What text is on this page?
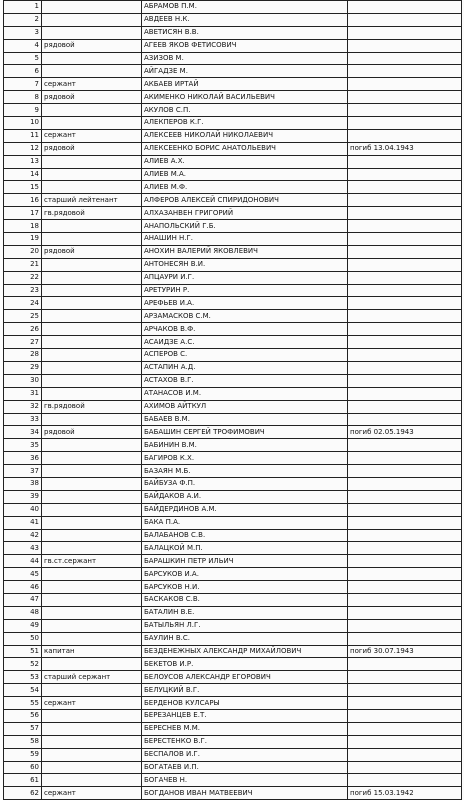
1		АБРАМОВ П.М.	
2		АВДЕЕВ Н.К.	
3		АВЕТИСЯН В.В.	
4	рядовой	АГЕЕВ ЯКОВ ФЕТИСОВИЧ	
5		АЗИЗОВ М.	
6		АЙГАДЗЕ М.	
7	сержант	АКБАЕВ ИРТАЙ	
8	рядовой	АКИМЕНКО НИКОЛАЙ ВАСИЛЬЕВИЧ	
9		АКУЛОВ С.П.	
10		АЛЕКПЕРОВ К.Г.	
11	сержант	АЛЕКСЕЕВ НИКОЛАЙ НИКОЛАЕВИЧ	
12	рядовой	АЛЕКСЕЕНКО БОРИС АНАТОЛЬЕВИЧ	погиб 13.04.1943
13		АЛИЕВ А.Х.	
14		АЛИЕВ М.А.	
15		АЛИЕВ М.Ф.	
16	старший лейтенант	АЛФЕРОВ АЛЕКСЕЙ СПИРИДОНОВИЧ	
17	гв.рядовой	АЛХАЗАНВЕН ГРИГОРИЙ	
18		АНАПОЛЬСКИЙ Г.Б.	
19		АНАШИН Н.Г.	
20	рядовой	АНОХИН ВАЛЕРИЙ ЯКОВЛЕВИЧ	
21		АНТОНЕСЯН В.И.	
22		АПЦАУРИ И.Г.	
23		АРЕТУРИН Р.	
24		АРЕФЬЕВ И.А.	
25		АРЗАМАСКОВ С.М.	
26		АРЧАКОВ В.Ф.	
27		АСАИДЗЕ А.С.	
28		АСПЕРОВ С.	
29		АСТАПИН А.Д.	
30		АСТАХОВ В.Г.	
31		АТАНАСОВ И.М.	
32	гв.рядовой	АХИМОВ АЙТКУЛ	
33		БАБАЕВ В.М.	
34	рядовой	БАБАШИН СЕРГЕЙ ТРОФИМОВИЧ	погиб 02.05.1943
35		БАБИНИН В.М.	
36		БАГИРОВ К.Х.	
37		БАЗАЯН М.Б.	
38		БАЙБУЗА Ф.П.	
39		БАЙДАКОВ А.И.	
40		БАЙДЕРДИНОВ А.М.	
41		БАКА П.А.	
42		БАЛАБАНОВ С.В.	
43		БАЛАЦКОЙ М.П.	
44	гв.ст.сержант	БАРАШКИН ПЕТР ИЛЬИЧ	
45		БАРСУКОВ И.А.	
46		БАРСУКОВ Н.И.	
47		БАСКАКОВ С.В.	
48		БАТАЛИН В.Е.	
49		БАТЫЛЬЯН Л.Г.	
50		БАУЛИН В.С.	
51	капитан	БЕЗДЕНЕЖНЫХ АЛЕКСАНДР МИХАЙЛОВИЧ	погиб 30.07.1943
52		БЕКЕТОВ И.Р.	
53	старший сержант	БЕЛОУСОВ АЛЕКСАНДР ЕГОРОВИЧ	
54		БЕЛУЦКИЙ В.Г.	
55	сержант	БЕРДЕНОВ КУЛСАРЫ	
56		БЕРЕЗАНЦЕВ Е.Т.	
57		БЕРЕСНЕВ М.М.	
58		БЕРЕСТЕНКО В.Г.	
59		БЕСПАЛОВ И.Г.	
60		БОГАТАЕВ И.П.	
61		БОГАЧЕВ Н.	
62	сержант	БОГДАНОВ ИВАН МАТВЕЕВИЧ	погиб 15.03.1942
